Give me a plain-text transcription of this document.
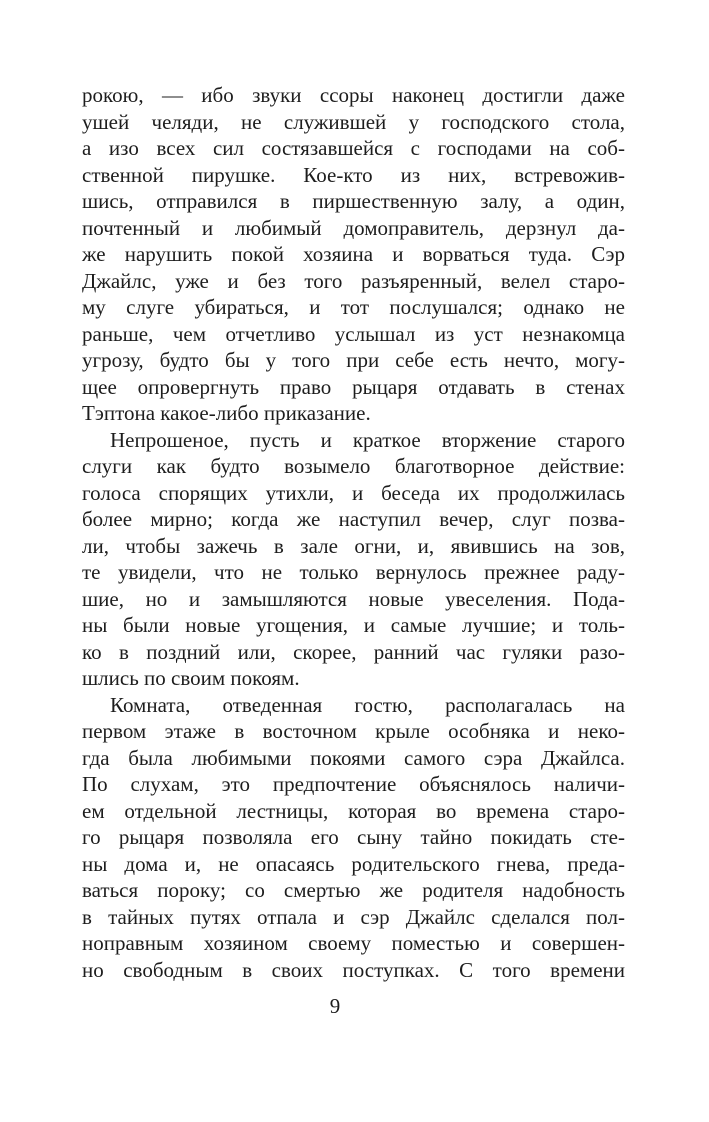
рокою, — ибо звуки ссоры наконец достигли даже
ушей челяди, не служившей у господского стола,
а изо всех сил состязавшейся с господами на соб-
ственной пирушке. Кое-кто из них, встревожив-
шись, отправился в пиршественную залу, а один,
почтенный и любимый домоправитель, дерзнул да-
же нарушить покой хозяина и ворваться туда. Сэр
Джайлс, уже и без того разъяренный, велел старо-
му слуге убираться, и тот послушался; однако не
раньше, чем отчетливо услышал из уст незнакомца
угрозу, будто бы у того при себе есть нечто, могу-
щее опровергнуть право рыцаря отдавать в стенах
Тэптона какое-либо приказание.
Непрошеное, пусть и краткое вторжение старого
слуги как будто возымело благотворное действие:
голоса спорящих утихли, и беседа их продолжилась
более мирно; когда же наступил вечер, слуг позва-
ли, чтобы зажечь в зале огни, и, явившись на зов,
те увидели, что не только вернулось прежнее раду-
шие, но и замышляются новые увеселения. Пода-
ны были новые угощения, и самые лучшие; и толь-
ко в поздний или, скорее, ранний час гуляки разо-
шлись по своим покоям.
Комната, отведенная гостю, располагалась на
первом этаже в восточном крыле особняка и неко-
гда была любимыми покоями самого сэра Джайлса.
По слухам, это предпочтение объяснялось наличи-
ем отдельной лестницы, которая во времена старо-
го рыцаря позволяла его сыну тайно покидать сте-
ны дома и, не опасаясь родительского гнева, преда-
ваться пороку; со смертью же родителя надобность
в тайных путях отпала и сэр Джайлс сделался пол-
ноправным хозяином своему поместью и совершен-
но свободным в своих поступках. С того времени
9
